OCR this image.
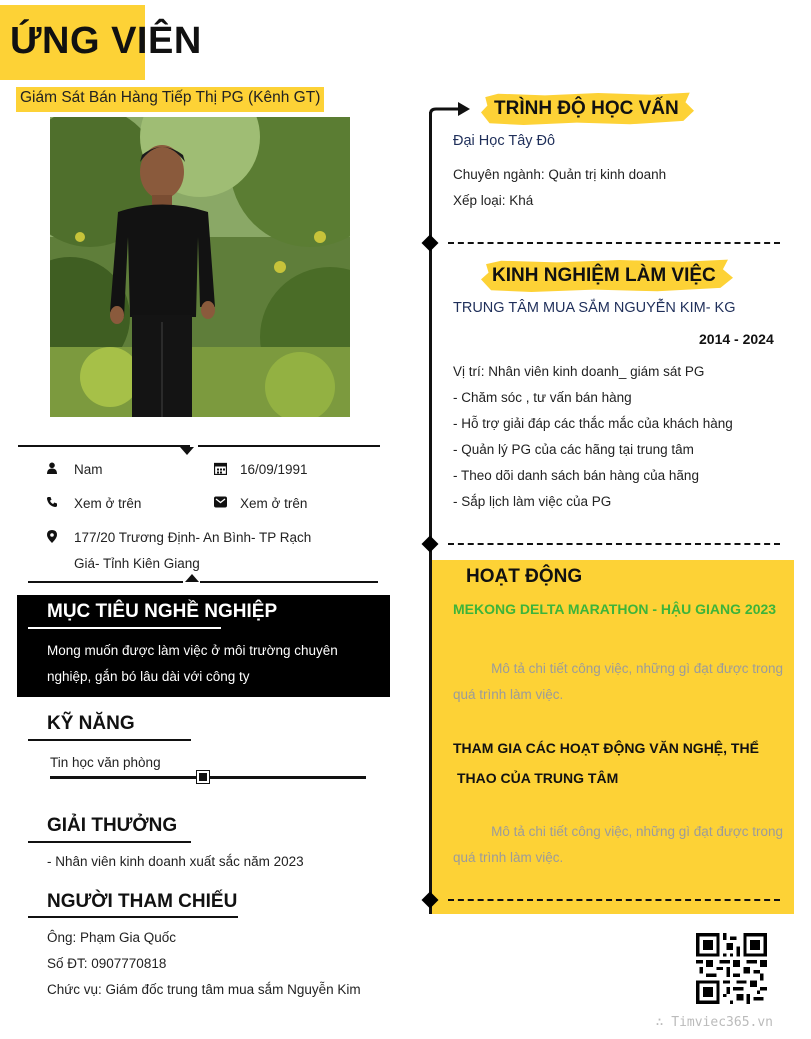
ỨNG VIÊN
Giám Sát Bán Hàng Tiếp Thị PG (Kênh GT)
Nam	16/09/1991
Xem ở trên	Xem ở trên
177/20 Trương Định- An Bình- TP Rạch
Giá- Tỉnh Kiên Giang
MỤC TIÊU NGHỀ NGHIỆP
Mong muốn được làm việc ở môi trường chuyên
nghiệp, gắn bó lâu dài với công ty
KỸ NĂNG
Tin học văn phòng
GIẢI THƯỞNG
- Nhân viên kinh doanh xuất sắc năm 2023
NGƯỜI THAM CHIẾU
Ông: Phạm Gia Quốc
Số ĐT: 0907770818
Chức vụ: Giám đốc trung tâm mua sắm Nguyễn Kim
TRÌNH ĐỘ HỌC VẤN
Đại Học Tây Đô
Chuyên ngành: Quản trị kinh doanh
Xếp loại: Khá
KINH NGHIỆM LÀM VIỆC
TRUNG TÂM MUA SẮM NGUYỄN KIM- KG
2014 - 2024
Vị trí: Nhân viên kinh doanh_ giám sát PG
- Chăm sóc , tư vấn bán hàng
- Hỗ trợ giải đáp các thắc mắc của khách hàng
- Quản lý PG của các hãng tại trung tâm
- Theo dõi danh sách bán hàng của hãng
- Sắp lịch làm việc của PG
HOẠT ĐỘNG
MEKONG DELTA MARATHON - HẬU GIANG 2023
Mô tả chi tiết công việc, những gì đạt được trong
quá trình làm việc.
THAM GIA CÁC HOẠT ĐỘNG VĂN NGHỆ, THỂ
THAO CỦA TRUNG TÂM
Mô tả chi tiết công việc, những gì đạt được trong
quá trình làm việc.
∴ Timviec365.vn
